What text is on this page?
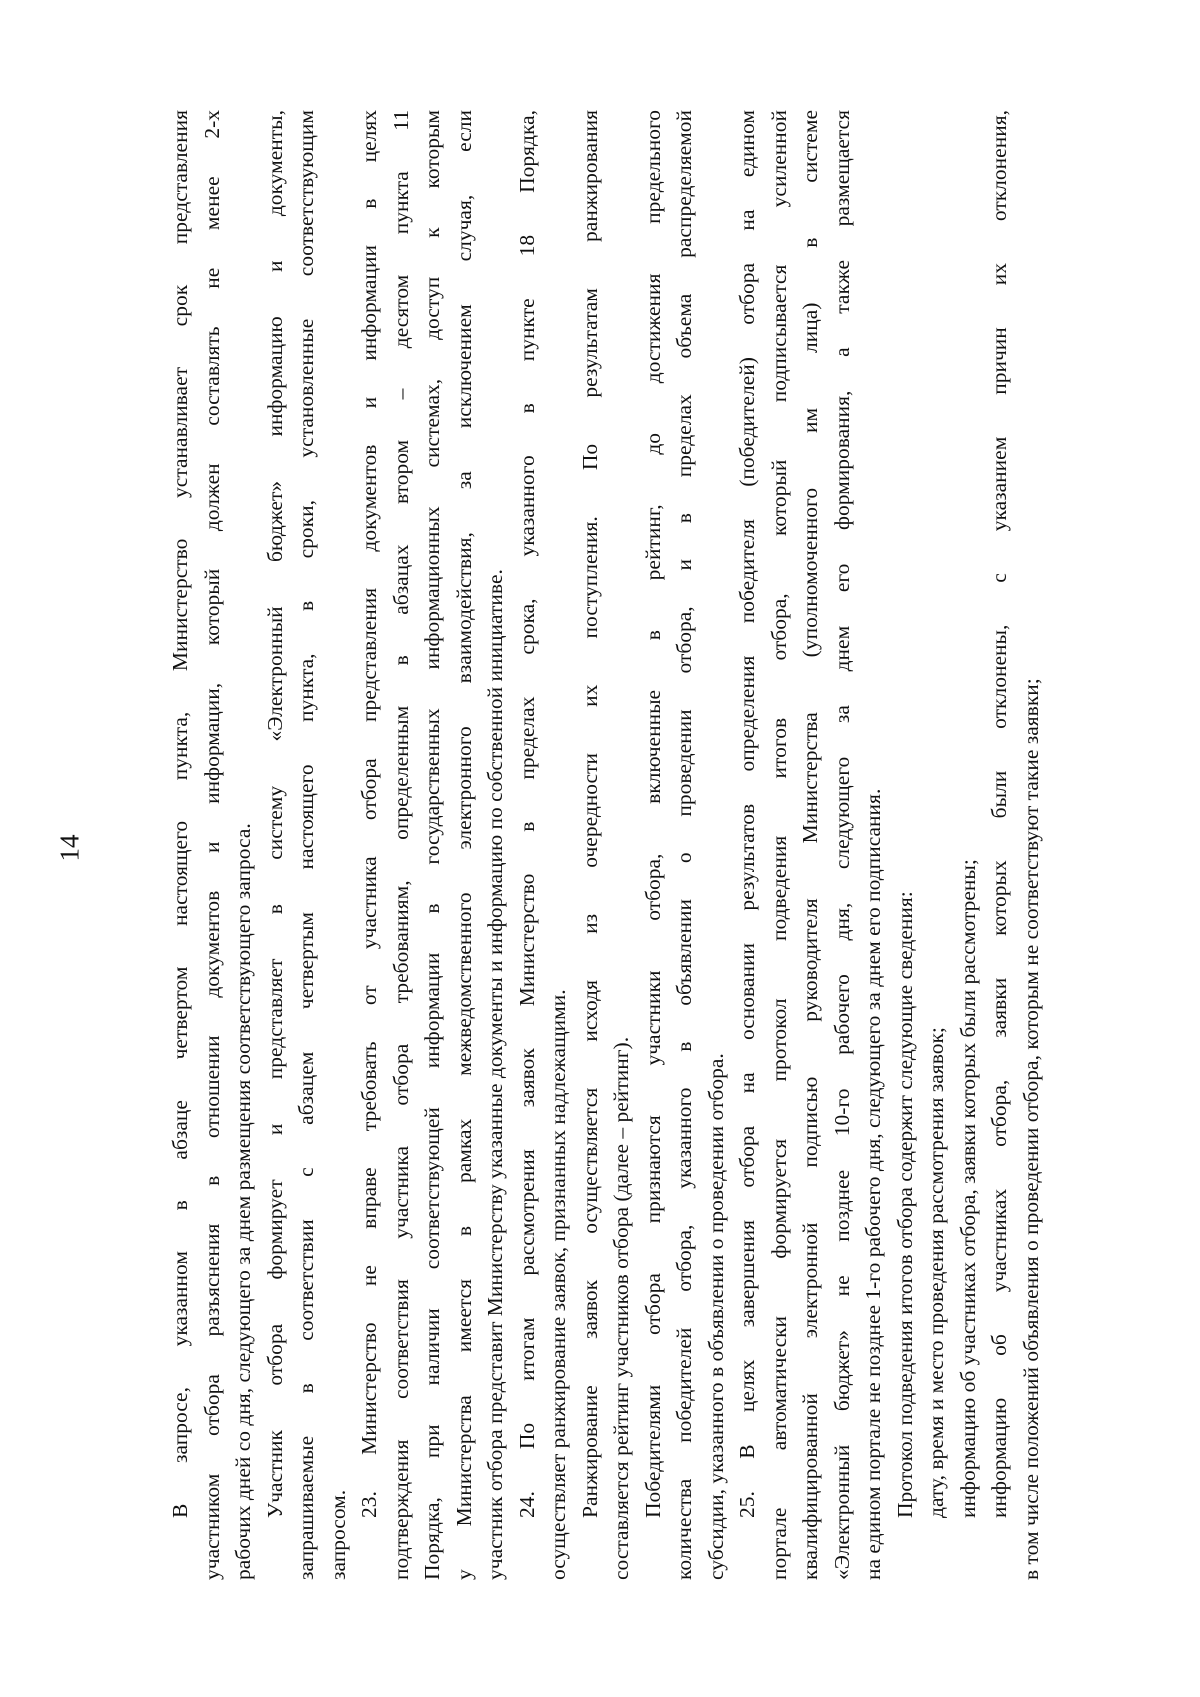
14	В запросе, указанном в абзаце четвертом настоящего пункта, Министерство устанавливает срок представления участником отбора разъяснения в отношении документов и информации, который должен составлять не менее 2-х рабочих дней со дня, следующего за днем размещения соответствующего запроса. Участник отбора формирует и представляет в систему «Электронный бюджет» информацию и документы, запрашиваемые в соответствии с абзацем четвертым настоящего пункта, в сроки, установленные соответствующим запросом.
23. Министерство не вправе требовать от участника отбора представления документов и информации в целях подтверждения соответствия участника отбора требованиям, определенным в абзацах втором – десятом пункта 11 Порядка, при наличии соответствующей информации в государственных информационных системах, доступ к которым у Министерства имеется в рамках межведомственного электронного взаимодействия, за исключением случая, если участник отбора представит Министерству указанные документы и информацию по собственной инициативе. 24. По итогам рассмотрения заявок Министерство в пределах срока, указанного в пункте 18 Порядка, осуществляет ранжирование заявок, признанных надлежащими. Ранжирование заявок осуществляется исходя из очередности их поступления. По результатам ранжирования составляется рейтинг участников отбора (далее – рейтинг). Победителями отбора признаются участники отбора, включенные в рейтинг, до достижения предельного количества победителей отбора, указанного в объявлении о проведении отбора, и в пределах объема распределяемой субсидии, указанного в объявлении о проведении отбора. 25. В целях завершения отбора на основании результатов определения победителя (победителей) отбора на едином портале автоматически формируется протокол подведения итогов отбора, который подписывается усиленной квалифицированной электронной подписью руководителя Министерства (уполномоченного им лица) в системе «Электронный бюджет» не позднее 10-го рабочего дня, следующего за днем его формирования, а также размещается на едином портале не позднее 1-го рабочего дня, следующего за днем его подписания. Протокол подведения итогов отбора содержит следующие сведения: дату, время и место проведения рассмотрения заявок; информацию об участниках отбора, заявки которых были рассмотрены; информацию об участниках отбора, заявки которых были отклонены, с указанием причин их отклонения, в том числе положений объявления о проведении отбора, которым не соответствуют такие заявки;
